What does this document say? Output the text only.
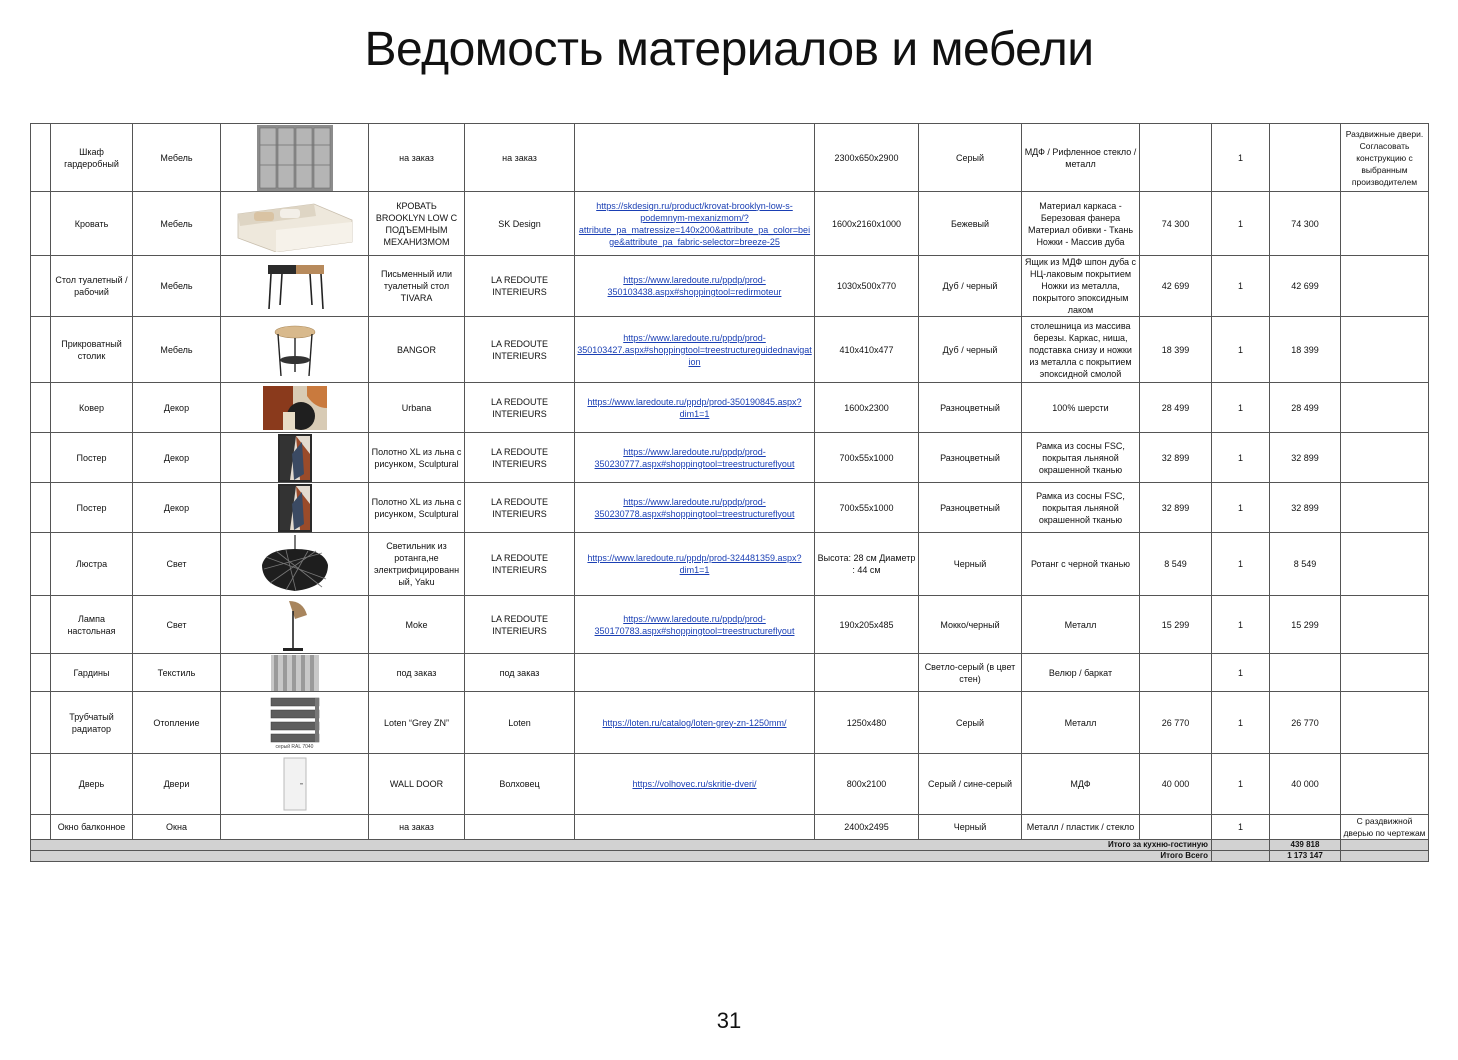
Ведомость материалов и мебели
	Шкаф гардеробный	Мебель		на заказ	на заказ		2300x650x2900	Серый	МДФ / Рифленное стекло / металл		1		Раздвижные двери. Согласовать конструкцию с выбранным производителем
	Кровать	Мебель		КРОВАТЬ BROOKLYN LOW С ПОДЪЕМНЫМ МЕХАНИЗМОМ	SK Design	https://skdesign.ru/product/krovat-brooklyn-low-s-podemnym-mexanizmom/?attribute_pa_matressize=140x200&attribute_pa_color=beige&attribute_pa_fabric-selector=breeze-25	1600x2160x1000	Бежевый	Материал каркаса - Березовая фанера Материал обивки - Ткань Ножки - Массив дуба	74 300	1	74 300	
	Стол туалетный / рабочий	Мебель		Письменный или туалетный стол TIVARA	LA REDOUTE INTERIEURS	https://www.laredoute.ru/ppdp/prod-350103438.aspx#shoppingtool=redirmoteur	1030x500x770	Дуб / черный	Ящик из МДФ шпон дуба с НЦ-лаковым покрытием Ножки из металла, покрытого эпоксидным лаком	42 699	1	42 699	
	Прикроватный столик	Мебель		BANGOR	LA REDOUTE INTERIEURS	https://www.laredoute.ru/ppdp/prod-350103427.aspx#shoppingtool=treestructureguidednavigation	410x410x477	Дуб / черный	столешница из массива березы. Каркас, ниша, подставка снизу и ножки из металла с покрытием эпоксидной смолой	18 399	1	18 399	
	Ковер	Декор		Urbana	LA REDOUTE INTERIEURS	https://www.laredoute.ru/ppdp/prod-350190845.aspx?dim1=1	1600x2300	Разноцветный	100% шерсти	28 499	1	28 499	
	Постер	Декор		Полотно XL из льна с рисунком, Sculptural	LA REDOUTE INTERIEURS	https://www.laredoute.ru/ppdp/prod-350230777.aspx#shoppingtool=treestructureflyout	700x55x1000	Разноцветный	Рамка из сосны FSC, покрытая льняной окрашенной тканью	32 899	1	32 899	
	Постер	Декор		Полотно XL из льна с рисунком, Sculptural	LA REDOUTE INTERIEURS	https://www.laredoute.ru/ppdp/prod-350230778.aspx#shoppingtool=treestructureflyout	700x55x1000	Разноцветный	Рамка из сосны FSC, покрытая льняной окрашенной тканью	32 899	1	32 899	
	Люстра	Свет		Светильник из ротанга,не электрифицированный, Yaku	LA REDOUTE INTERIEURS	https://www.laredoute.ru/ppdp/prod-324481359.aspx?dim1=1	Высота: 28 см Диаметр : 44 см	Черный	Ротанг с черной тканью	8 549	1	8 549	
	Лампа настольная	Свет		Moke	LA REDOUTE INTERIEURS	https://www.laredoute.ru/ppdp/prod-350170783.aspx#shoppingtool=treestructureflyout	190x205x485	Мокко/черный	Металл	15 299	1	15 299	
	Гардины	Текстиль		под заказ	под заказ			Светло-серый (в цвет стен)	Велюр / баркат		1		
	Трубчатый радиатор	Отопление	серый RAL 7040	Loten “Grey ZN”	Loten	https://loten.ru/catalog/loten-grey-zn-1250mm/	1250x480	Серый	Металл	26 770	1	26 770	
	Дверь	Двери		WALL DOOR	Волховец	https://volhovec.ru/skritie-dveri/	800x2100	Серый / сине-серый	МДФ	40 000	1	40 000	
	Окно балконное	Окна		на заказ			2400x2495	Черный	Металл / пластик / стекло		1		С раздвижной дверью по чертежам
Итого за кухню-гостиную												439 818	
Итого Всего												1 173 147	
31
